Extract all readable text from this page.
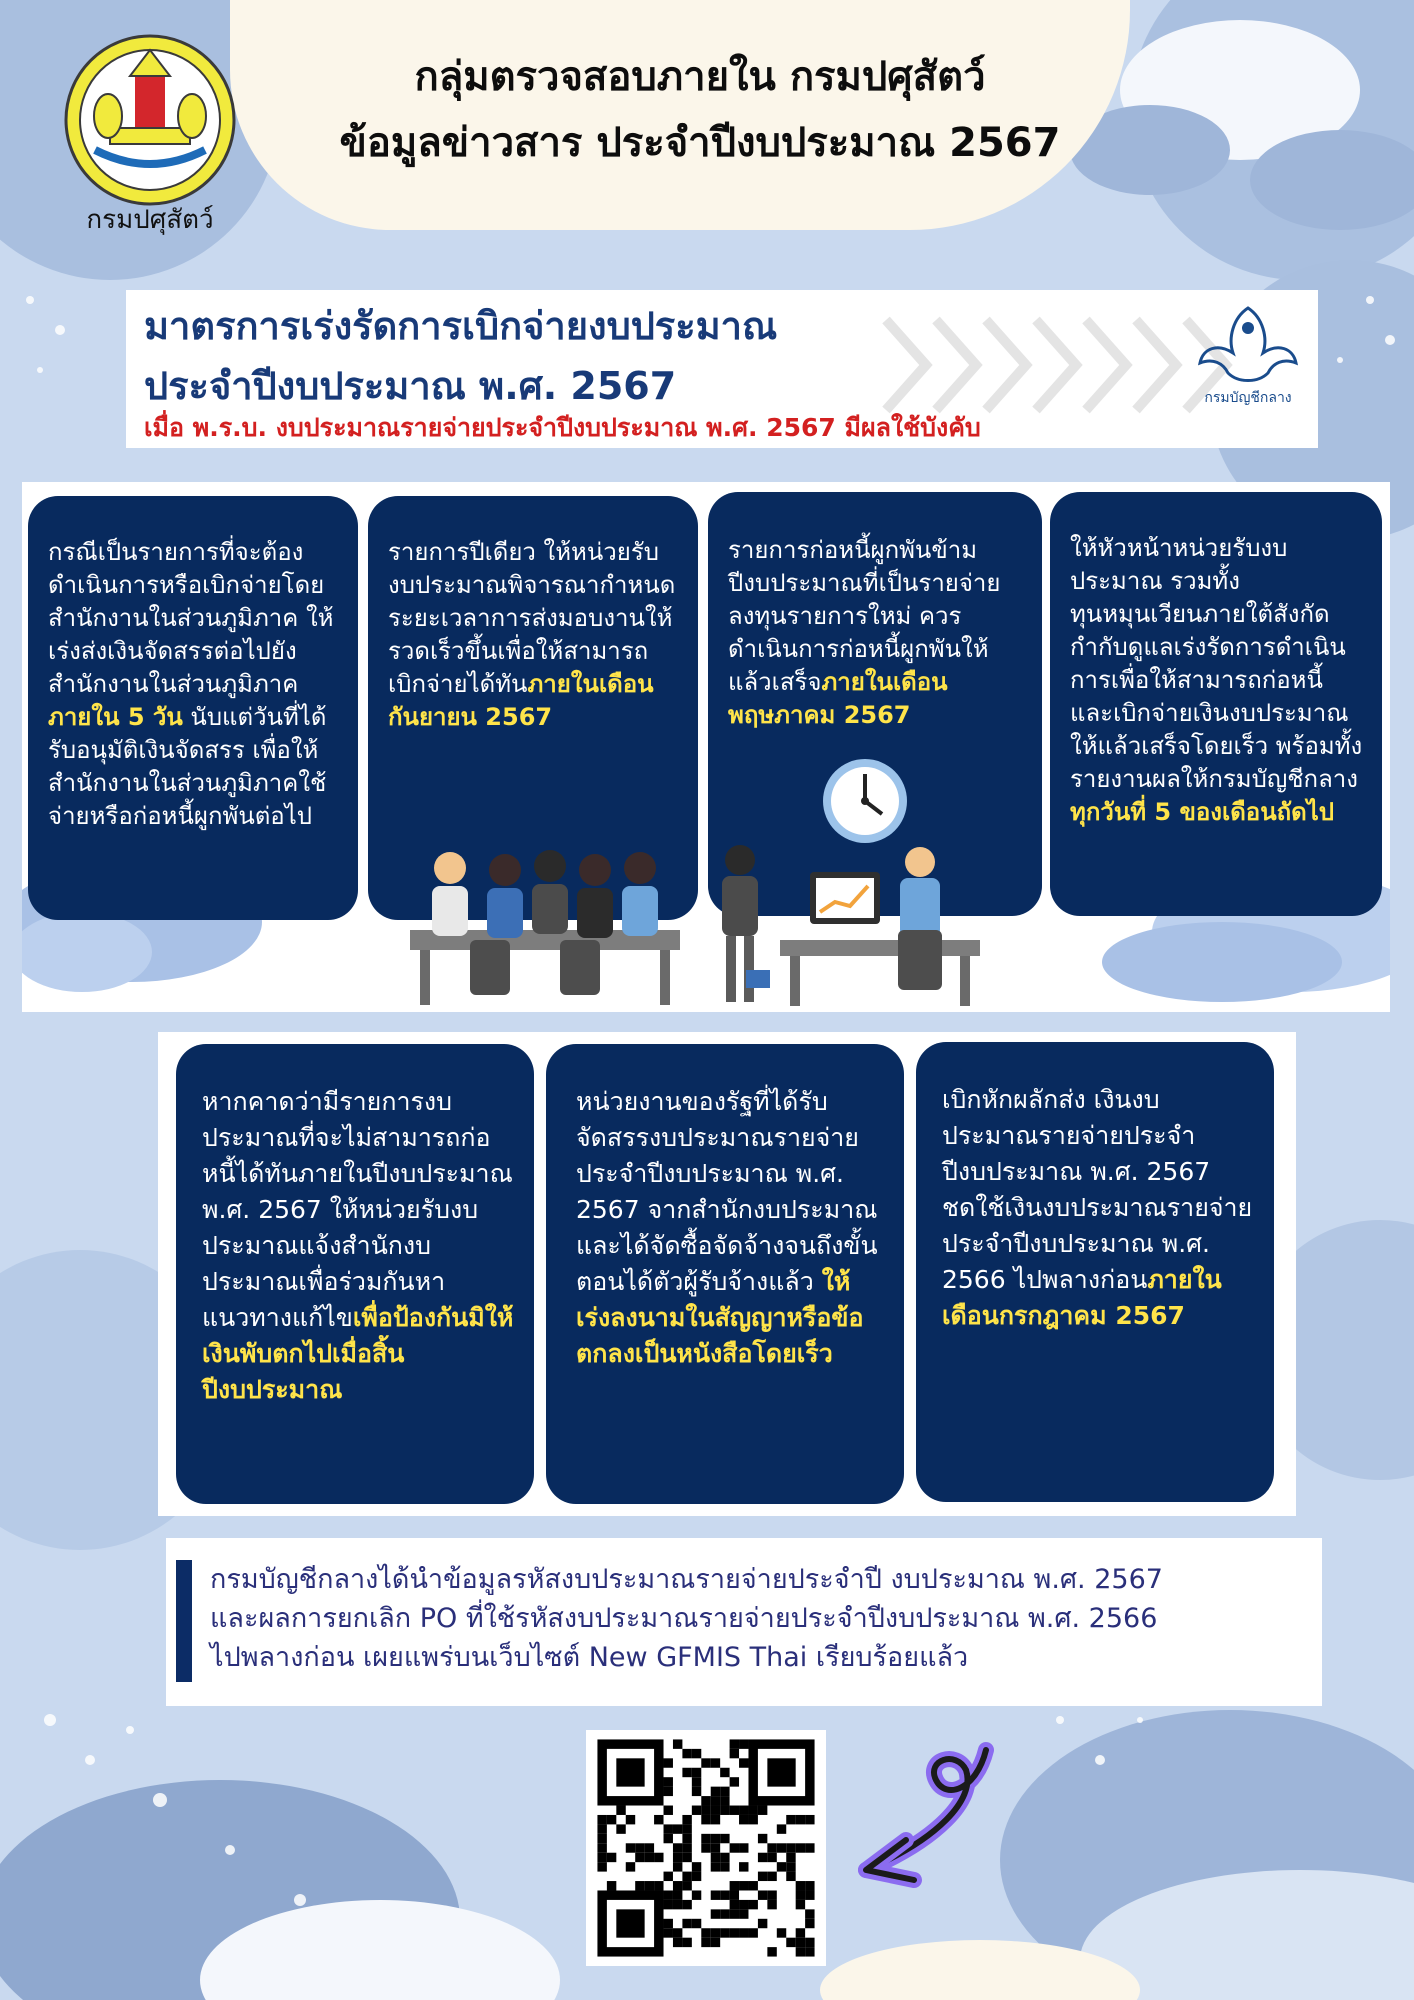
กรมปศุสัตว์
กลุ่มตรวจสอบภายใน กรมปศุสัตว์
ข้อมูลข่าวสาร ประจำปีงบประมาณ 2567
มาตรการเร่งรัดการเบิกจ่ายงบประมาณ
ประจำปีงบประมาณ พ.ศ. 2567
เมื่อ พ.ร.บ. งบประมาณรายจ่ายประจำปีงบประมาณ พ.ศ. 2567 มีผลใช้บังคับ
กรมบัญชีกลาง

กรณีเป็นรายการที่จะต้องดำเนินการหรือเบิกจ่ายโดยสำนักงานในส่วนภูมิภาค ให้เร่งส่งเงินจัดสรรต่อไปยังสำนักงานในส่วนภูมิภาค ภายใน 5 วัน นับแต่วันที่ได้รับอนุมัติเงินจัดสรร เพื่อให้สำนักงานในส่วนภูมิภาคใช้จ่ายหรือก่อหนี้ผูกพันต่อไป

รายการปีเดียว ให้หน่วยรับงบประมาณพิจารณากำหนดระยะเวลาการส่งมอบงานให้รวดเร็วขึ้นเพื่อให้สามารถเบิกจ่ายได้ทันภายในเดือนกันยายน 2567

รายการก่อหนี้ผูกพันข้ามปีงบประมาณที่เป็นรายจ่ายลงทุนรายการใหม่ ควรดำเนินการก่อหนี้ผูกพันให้แล้วเสร็จภายในเดือนพฤษภาคม 2567

ให้หัวหน้าหน่วยรับงบประมาณ รวมทั้งทุนหมุนเวียนภายใต้สังกัด กำกับดูแลเร่งรัดการดำเนินการเพื่อให้สามารถก่อหนี้ และเบิกจ่ายเงินงบประมาณให้แล้วเสร็จโดยเร็ว พร้อมทั้งรายงานผลให้กรมบัญชีกลาง ทุกวันที่ 5 ของเดือนถัดไป

หากคาดว่ามีรายการงบประมาณที่จะไม่สามารถก่อหนี้ได้ทันภายในปีงบประมาณ พ.ศ. 2567 ให้หน่วยรับงบประมาณแจ้งสำนักงบประมาณเพื่อร่วมกันหาแนวทางแก้ไขเพื่อป้องกันมิให้เงินพับตกไปเมื่อสิ้นปีงบประมาณ

หน่วยงานของรัฐที่ได้รับจัดสรรงบประมาณรายจ่ายประจำปีงบประมาณ พ.ศ. 2567 จากสำนักงบประมาณ และได้จัดซื้อจัดจ้างจนถึงขั้นตอนได้ตัวผู้รับจ้างแล้ว ให้เร่งลงนามในสัญญาหรือข้อตกลงเป็นหนังสือโดยเร็ว

เบิกหักผลักส่ง เงินงบประมาณรายจ่ายประจำปีงบประมาณ พ.ศ. 2567 ชดใช้เงินงบประมาณรายจ่ายประจำปีงบประมาณ พ.ศ. 2566 ไปพลางก่อนภายในเดือนกรกฎาคม 2567

กรมบัญชีกลางได้นำข้อมูลรหัสงบประมาณรายจ่ายประจำปี งบประมาณ พ.ศ. 2567
และผลการยกเลิก PO ที่ใช้รหัสงบประมาณรายจ่ายประจำปีงบประมาณ พ.ศ. 2566
ไปพลางก่อน เผยแพร่บนเว็บไซต์ New GFMIS Thai เรียบร้อยแล้ว
